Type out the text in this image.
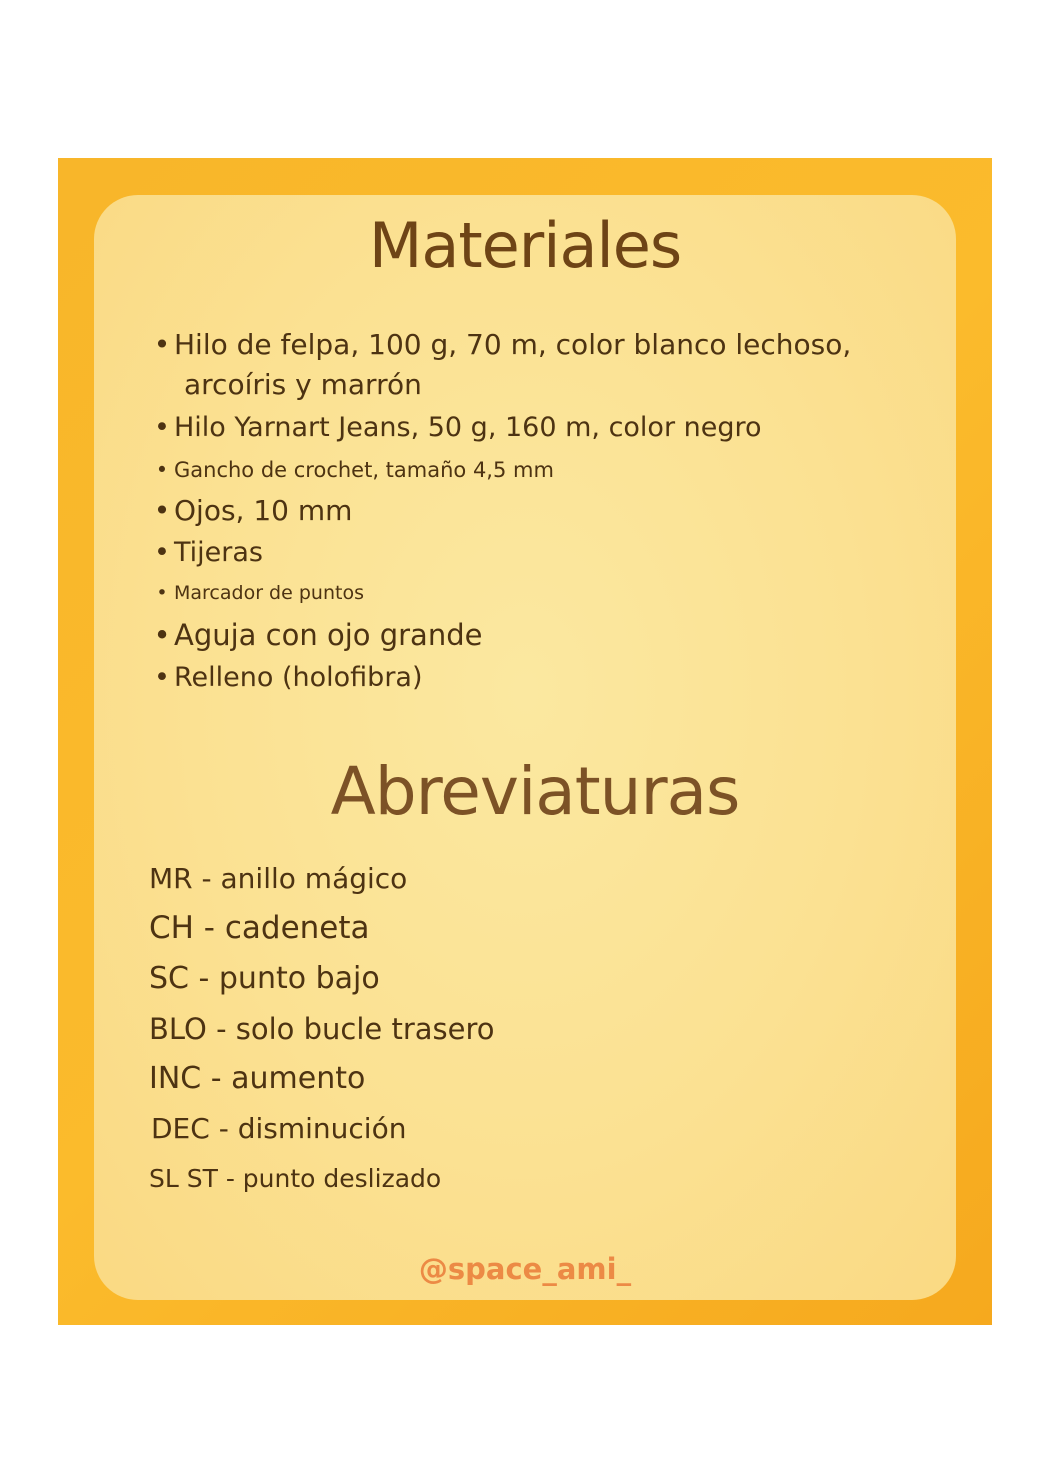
Materiales
• Hilo de felpa, 100 g, 70 m, color blanco lechoso,
arcoíris y marrón
• Hilo Yarnart Jeans, 50 g, 160 m, color negro
• Gancho de crochet, tamaño 4,5 mm
• Ojos, 10 mm
• Tijeras
• Marcador de puntos
• Aguja con ojo grande
• Relleno (holofibra)
Abreviaturas
MR - anillo mágico
CH - cadeneta
SC - punto bajo
BLO - solo bucle trasero
INC - aumento
DEC - disminución
SL ST - punto deslizado
@space_ami_
